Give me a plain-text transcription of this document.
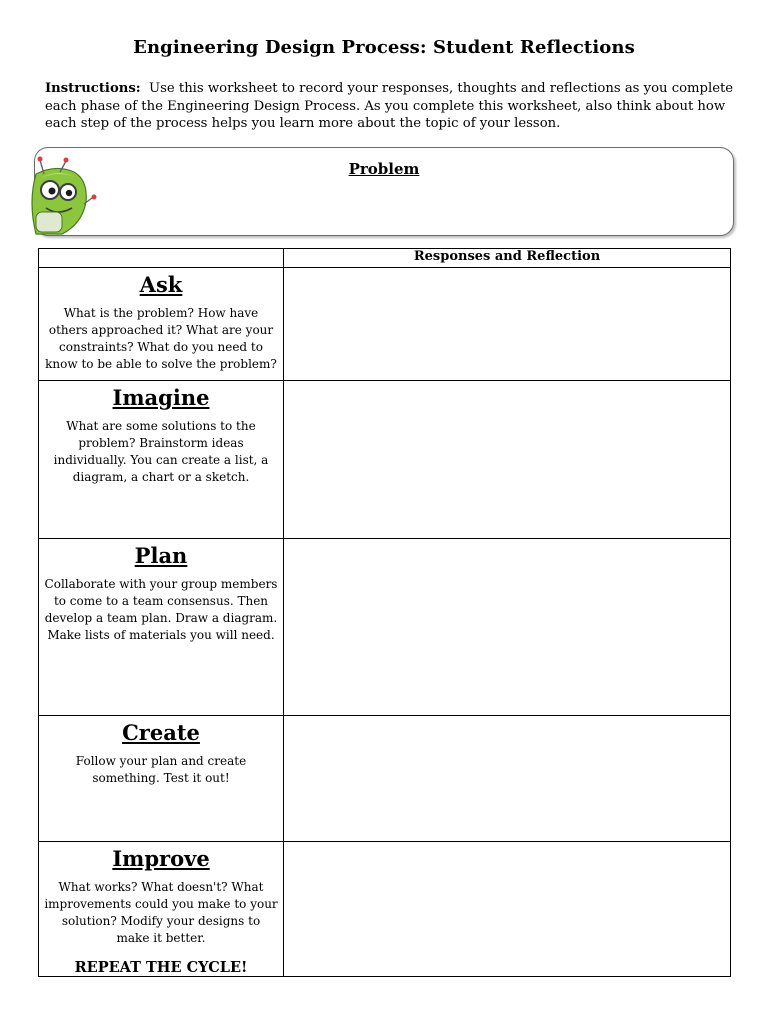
Engineering Design Process: Student Reflections
Instructions: Use this worksheet to record your responses, thoughts and reflections as you complete each phase of the Engineering Design Process. As you complete this worksheet, also think about how each step of the process helps you learn more about the topic of your lesson.
Problem
	Responses and Reflection

Ask
What is the problem? How have others approached it? What are your constraints? What do you need to know to be able to solve the problem?	

Imagine
What are some solutions to the problem? Brainstorm ideas individually. You can create a list, a diagram, a chart or a sketch.	

Plan
Collaborate with your group members to come to a team consensus. Then develop a team plan. Draw a diagram. Make lists of materials you will need.	

Create
Follow your plan and create something. Test it out!	

Improve
What works? What doesn't? What improvements could you make to your solution? Modify your designs to make it better.
REPEAT THE CYCLE!	
